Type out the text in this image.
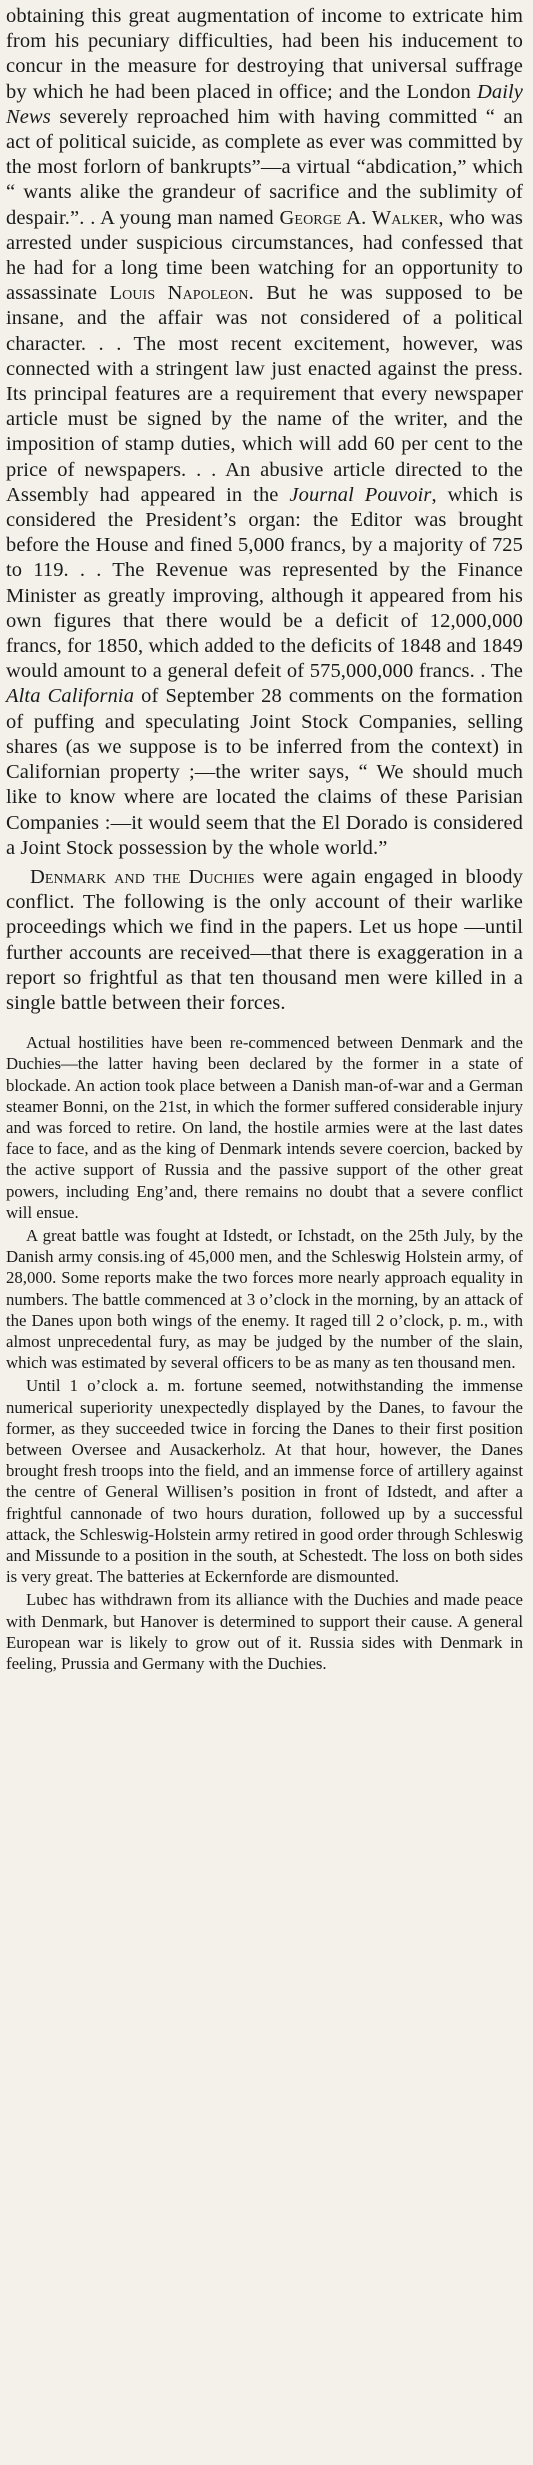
obtaining this great augmentation of income to extricate him from his pecuniary difficulties, had been his inducement to concur in the measure for destroying that universal suffrage by which he had been placed in office; and the London Daily News severely reproached him with having committed “ an act of political suicide, as complete as ever was committed by the most forlorn of bankrupts”—a virtual “abdication,” which “ wants alike the grandeur of sacrifice and the sublimity of despair.”. . A young man named George A. Walker, who was arrested under suspicious circumstances, had confessed that he had for a long time been watching for an opportunity to assassinate Louis Napoleon. But he was supposed to be insane, and the affair was not considered of a political character. . . The most recent excitement, however, was connected with a stringent law just enacted against the press. Its principal features are a requirement that every newspaper article must be signed by the name of the writer, and the imposition of stamp duties, which will add 60 per cent to the price of newspapers. . . An abusive article directed to the Assembly had appeared in the Journal Pouvoir, which is considered the President’s organ: the Editor was brought before the House and fined 5,000 francs, by a majority of 725 to 119. . . The Revenue was represented by the Finance Minister as greatly improving, although it appeared from his own figures that there would be a deficit of 12,000,000 francs, for 1850, which added to the deficits of 1848 and 1849 would amount to a general defeit of 575,000,000 francs. . The Alta California of September 28 comments on the formation of puffing and speculating Joint Stock Companies, selling shares (as we suppose is to be inferred from the context) in Californian property ;—the writer says, “ We should much like to know where are located the claims of these Parisian Companies :—it would seem that the El Dorado is considered a Joint Stock possession by the whole world.”

Denmark and the Duchies were again engaged in bloody conflict. The following is the only account of their warlike proceedings which we find in the papers. Let us hope —until further accounts are received—that there is exaggeration in a report so frightful as that ten thousand men were killed in a single battle between their forces.

Actual hostilities have been re-commenced between Denmark and the Duchies—the latter having been declared by the former in a state of blockade. An action took place between a Danish man-of-war and a German steamer Bonni, on the 21st, in which the former suffered considerable injury and was forced to retire. On land, the hostile armies were at the last dates face to face, and as the king of Denmark intends severe coercion, backed by the active support of Russia and the passive support of the other great powers, including Eng’and, there remains no doubt that a severe conflict will ensue.

A great battle was fought at Idstedt, or Ichstadt, on the 25th July, by the Danish army consis.ing of 45,000 men, and the Schleswig Holstein army, of 28,000. Some reports make the two forces more nearly approach equality in numbers. The battle commenced at 3 o’clock in the morning, by an attack of the Danes upon both wings of the enemy. It raged till 2 o’clock, p. m., with almost unprecedental fury, as may be judged by the number of the slain, which was estimated by several officers to be as many as ten thousand men.

Until 1 o’clock a. m. fortune seemed, notwithstanding the immense numerical superiority unexpectedly displayed by the Danes, to favour the former, as they succeeded twice in forcing the Danes to their first position between Oversee and Ausackerholz. At that hour, however, the Danes brought fresh troops into the field, and an immense force of artillery against the centre of General Willisen’s position in front of Idstedt, and after a frightful cannonade of two hours duration, followed up by a successful attack, the Schleswig-Holstein army retired in good order through Schleswig and Missunde to a position in the south, at Schestedt. The loss on both sides is very great. The batteries at Eckernforde are dismounted.

Lubec has withdrawn from its alliance with the Duchies and made peace with Denmark, but Hanover is determined to support their cause. A general European war is likely to grow out of it. Russia sides with Denmark in feeling, Prussia and Germany with the Duchies.
